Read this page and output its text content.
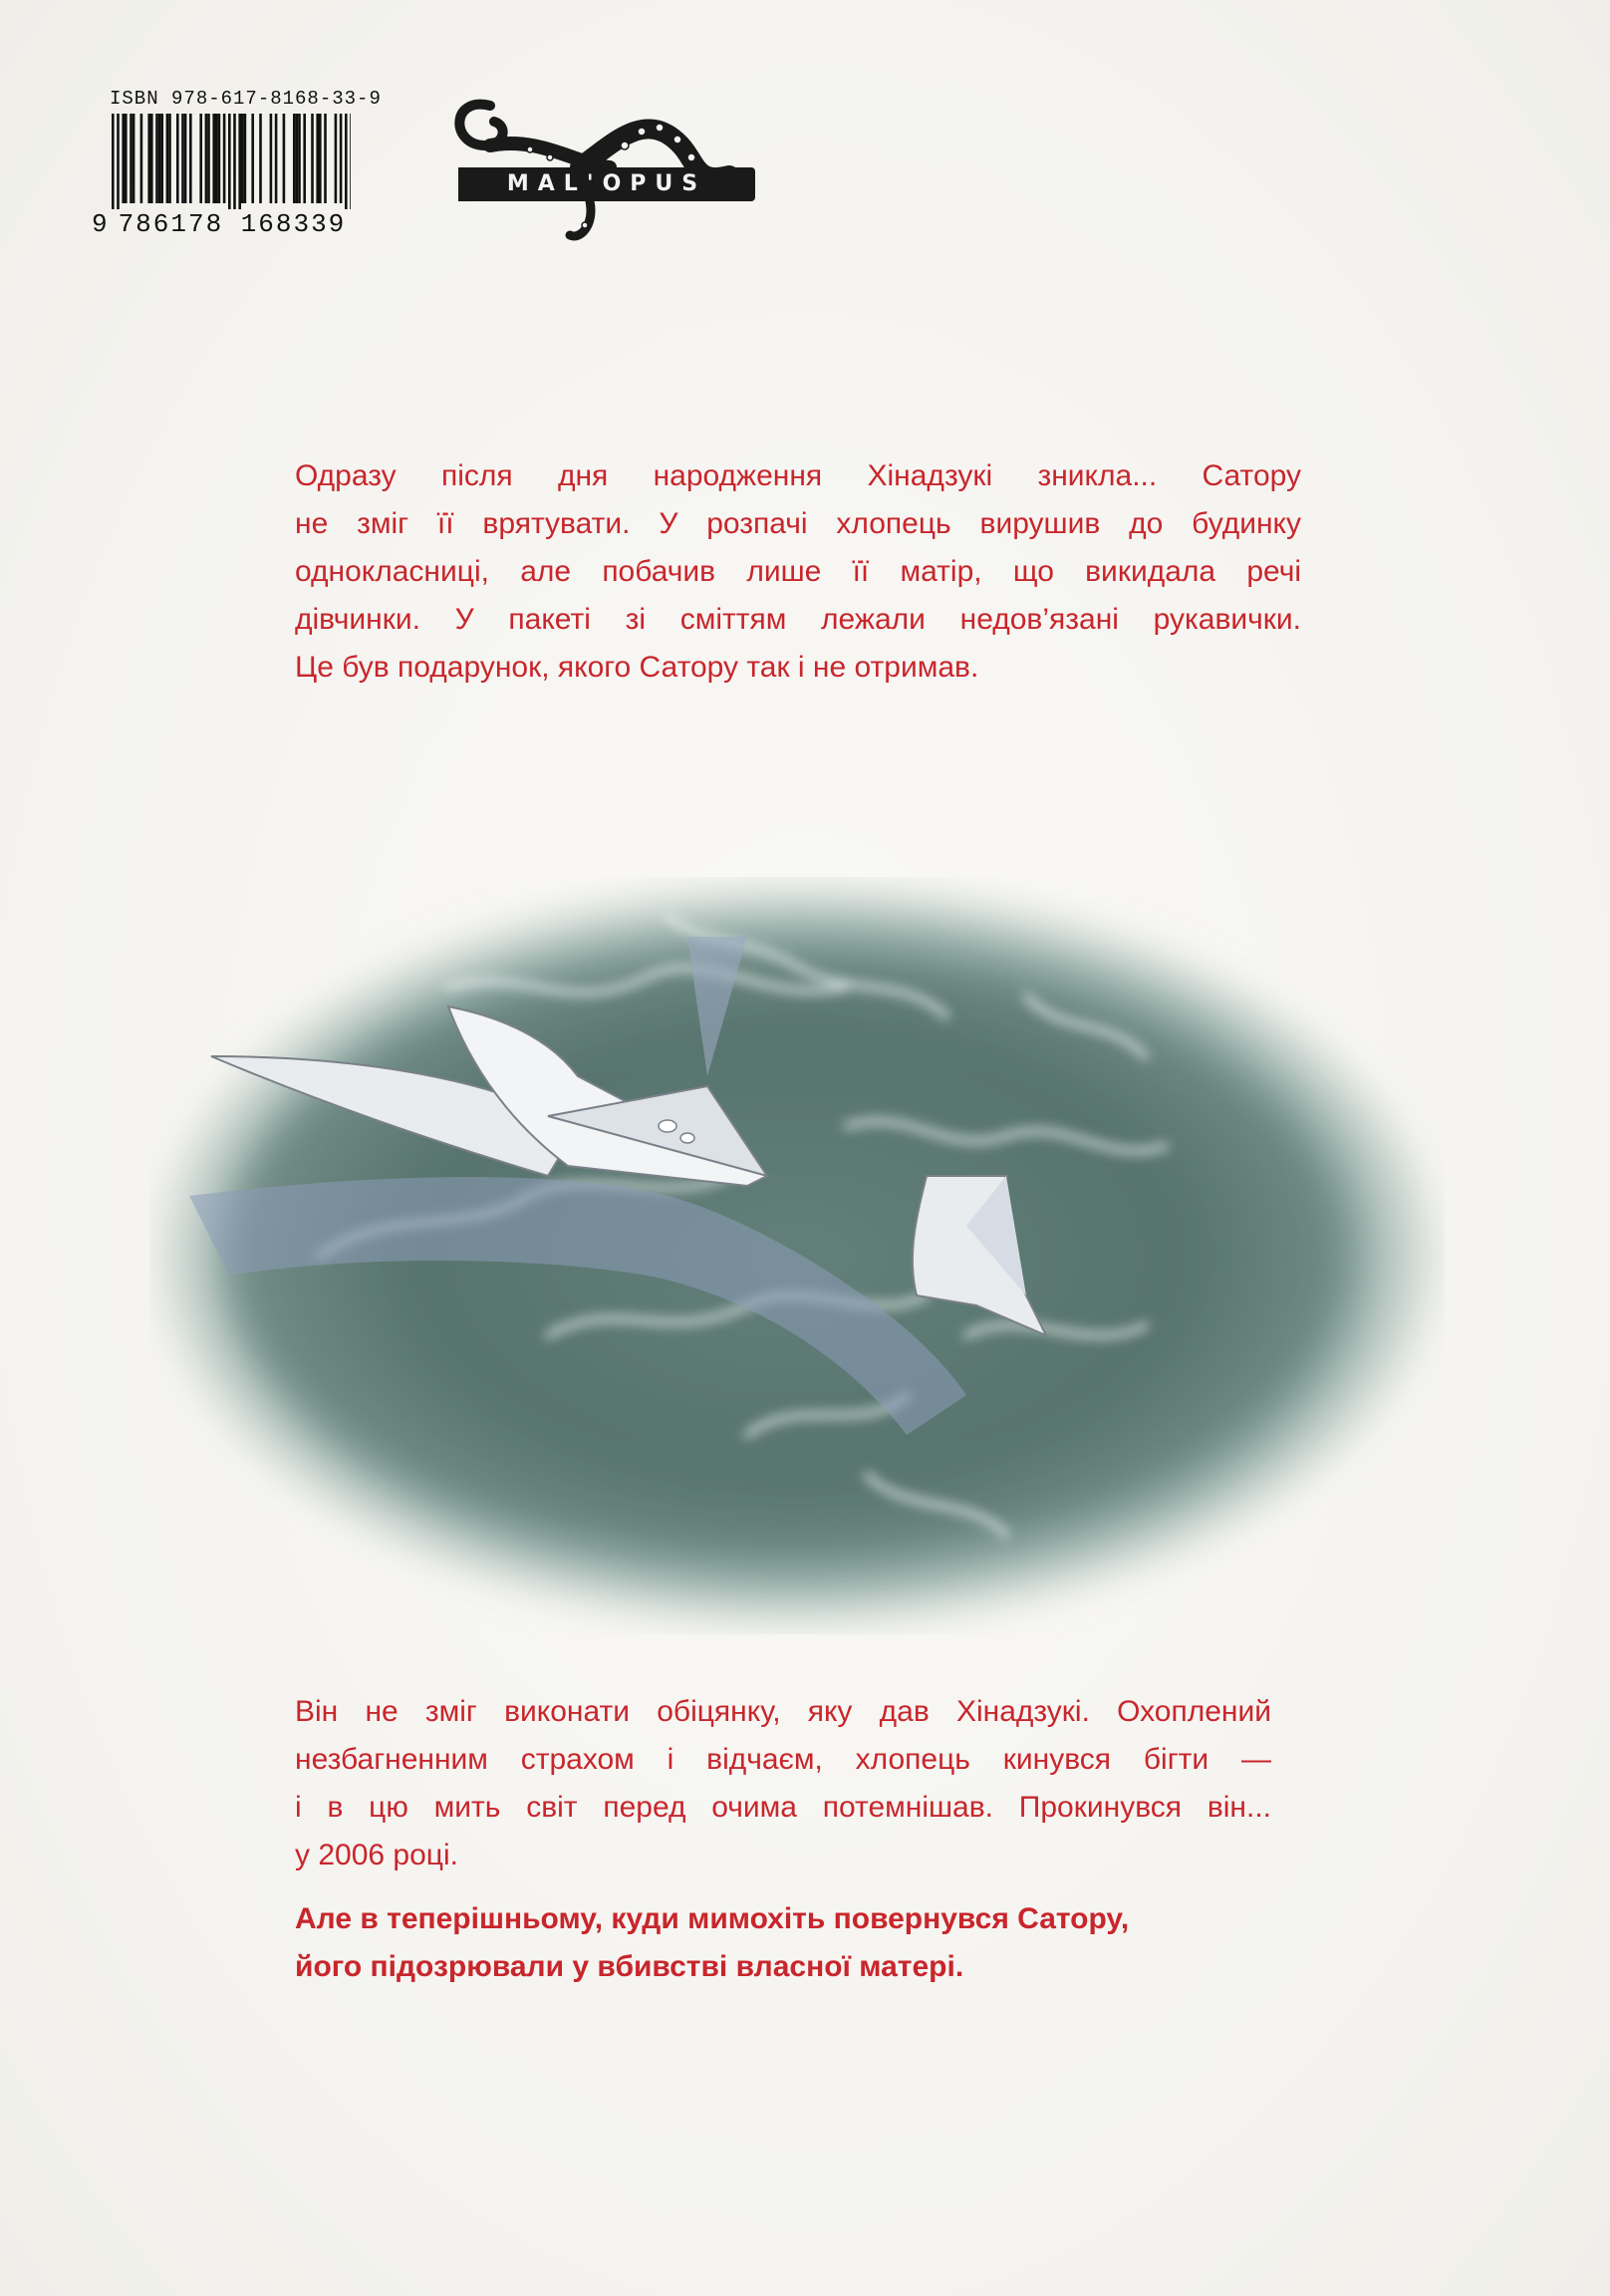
ISBN 978-617-8168-33-9
9 786178 168339
MAL'OPUS
Одразу після дня народження Хінадзукі зникла... Сатору
не зміг її врятувати. У розпачі хлопець вирушив до будинку
однокласниці, але побачив лише її матір, що викидала речі
дівчинки. У пакеті зі сміттям лежали недов’язані рукавички.
Це був подарунок, якого Сатору так і не отримав.
Він не зміг виконати обіцянку, яку дав Хінадзукі. Охоплений
незбагненним страхом і відчаєм, хлопець кинувся бігти —
і в цю мить світ перед очима потемнішав. Прокинувся він...
у 2006 році.
Але в теперішньому, куди мимохіть повернувся Сатору,
його підозрювали у вбивстві власної матері.
